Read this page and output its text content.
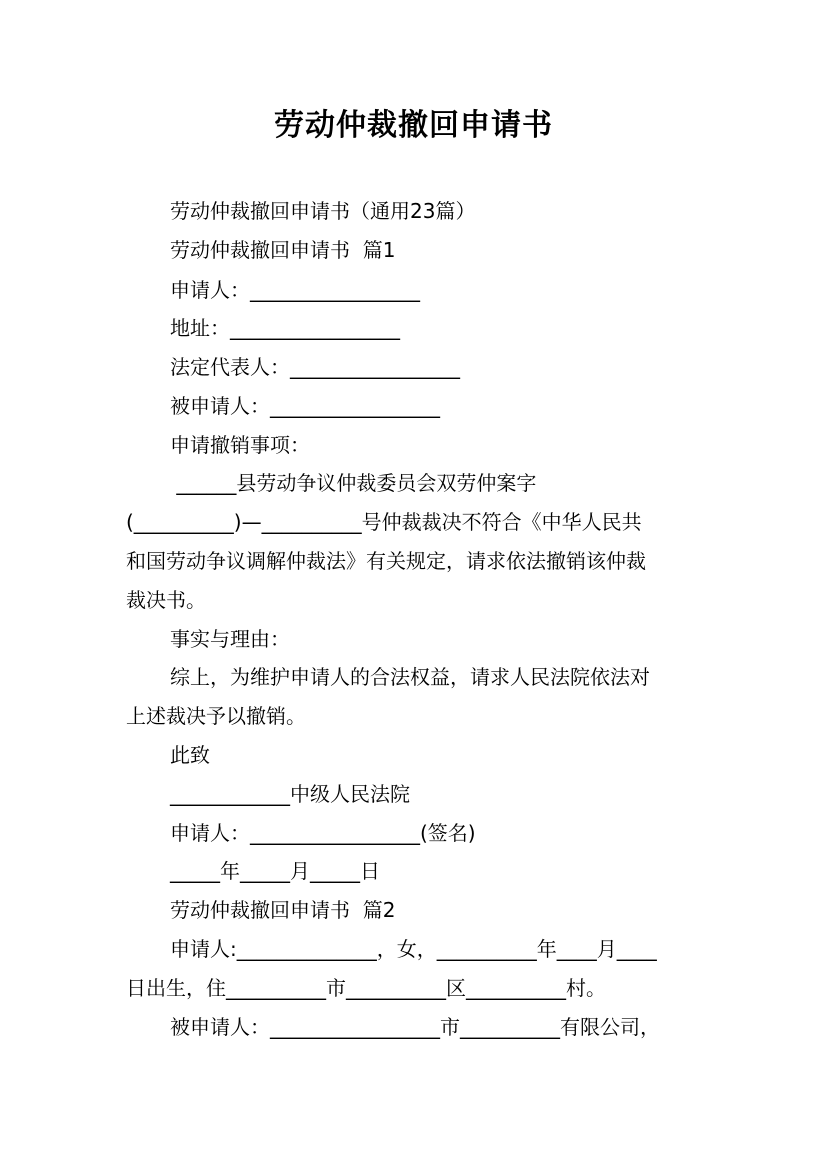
劳动仲裁撤回申请书
劳动仲裁撤回申请书（通用23篇）
劳动仲裁撤回申请书  篇1
申请人：_________________
地址：_________________
法定代表人：_________________
被申请人：_________________
申请撤销事项：
______县劳动争议仲裁委员会双劳仲案字
(__________)—__________号仲裁裁决不符合《中华人民共
和国劳动争议调解仲裁法》有关规定，请求依法撤销该仲裁
裁决书。
事实与理由：
综上，为维护申请人的合法权益，请求人民法院依法对
上述裁决予以撤销。
此致
____________中级人民法院
申请人：_________________(签名)
_____年_____月_____日
劳动仲裁撤回申请书  篇2
申请人:______________，女，__________年____月____
日出生，住__________市__________区__________村。
被申请人：_________________市__________有限公司，
